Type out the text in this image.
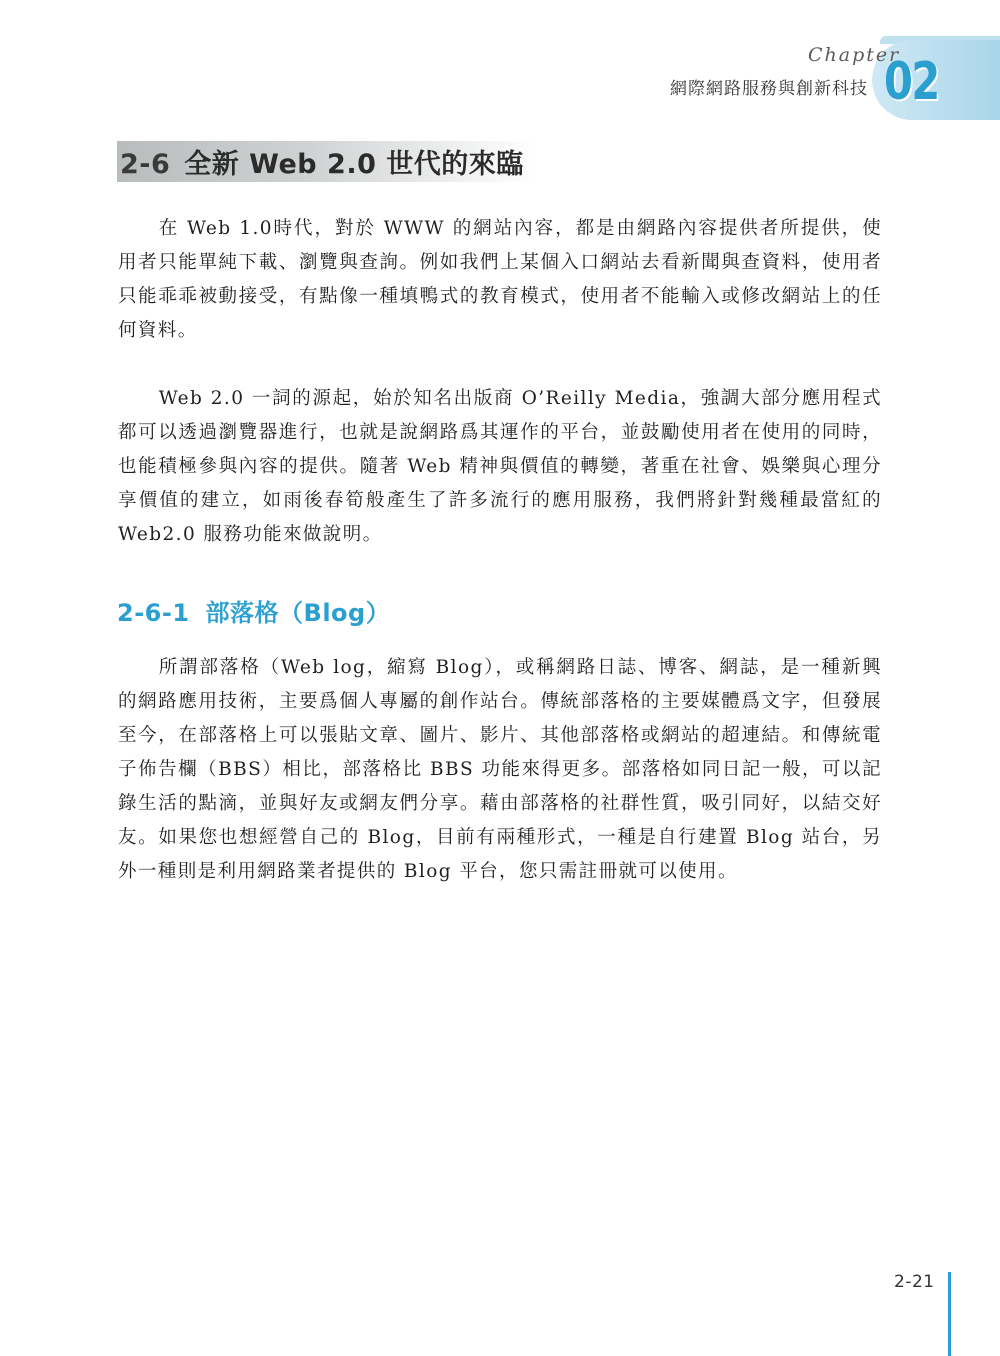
Chapter
網際網路服務與創新科技 02
2-6 全新 Web 2.0 世代的來臨

在 Web 1.0時代，對於 WWW 的網站內容，都是由網路內容提供者所提供，使用者只能單純下載、瀏覽與查詢。例如我們上某個入口網站去看新聞與查資料，使用者只能乖乖被動接受，有點像一種填鴨式的教育模式，使用者不能輸入或修改網站上的任何資料。

Web 2.0 一詞的源起，始於知名出版商 O’Reilly Media，強調大部分應用程式都可以透過瀏覽器進行，也就是說網路爲其運作的平台，並鼓勵使用者在使用的同時，也能積極參與內容的提供。隨著 Web 精神與價值的轉變，著重在社會、娛樂與心理分享價值的建立，如雨後春筍般產生了許多流行的應用服務，我們將針對幾種最當紅的Web2.0 服務功能來做說明。

2-6-1 部落格（Blog）

所謂部落格（Web log，縮寫 Blog），或稱網路日誌、博客、網誌，是一種新興的網路應用技術，主要爲個人專屬的創作站台。傳統部落格的主要媒體爲文字，但發展至今，在部落格上可以張貼文章、圖片、影片、其他部落格或網站的超連結。和傳統電子佈告欄（BBS）相比，部落格比 BBS 功能來得更多。部落格如同日記一般，可以記錄生活的點滴，並與好友或網友們分享。藉由部落格的社群性質，吸引同好，以結交好友。如果您也想經營自己的 Blog，目前有兩種形式，一種是自行建置 Blog 站台，另外一種則是利用網路業者提供的 Blog 平台，您只需註冊就可以使用。

2-21
